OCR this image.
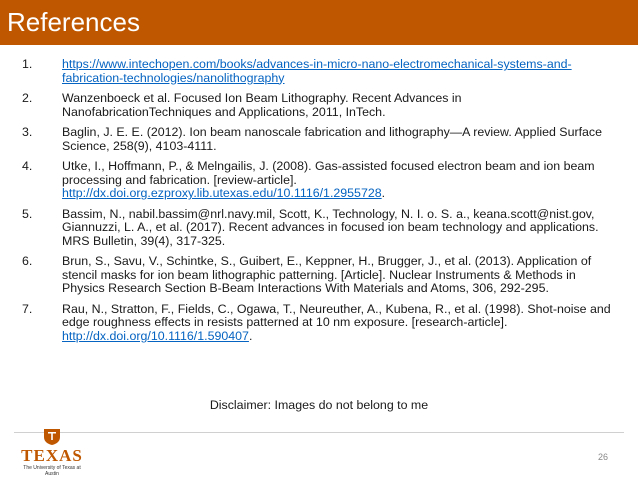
References
1.	https://www.intechopen.com/books/advances-in-micro-nano-electromechanical-systems-and-fabrication-technologies/nanolithography
2.	Wanzenboeck et al. Focused Ion Beam Lithography. Recent Advances in NanofabricationTechniques and Applications, 2011, InTech.
3.	Baglin, J. E. E. (2012). Ion beam nanoscale fabrication and lithography—A review. Applied Surface Science, 258(9), 4103-4111.
4.	Utke, I., Hoffmann, P., & Melngailis, J. (2008). Gas-assisted focused electron beam and ion beam processing and fabrication. [review-article]. http://dx.doi.org.ezproxy.lib.utexas.edu/10.1116/1.2955728.
5.	Bassim, N., nabil.bassim@nrl.navy.mil, Scott, K., Technology, N. I. o. S. a., keana.scott@nist.gov, Giannuzzi, L. A., et al. (2017). Recent advances in focused ion beam technology and applications. MRS Bulletin, 39(4), 317-325.
6.	Brun, S., Savu, V., Schintke, S., Guibert, E., Keppner, H., Brugger, J., et al. (2013). Application of stencil masks for ion beam lithographic patterning. [Article]. Nuclear Instruments & Methods in Physics Research Section B-Beam Interactions With Materials and Atoms, 306, 292-295.
7.	Rau, N., Stratton, F., Fields, C., Ogawa, T., Neureuther, A., Kubena, R., et al. (1998). Shot-noise and edge roughness effects in resists patterned at 10 nm exposure. [research-article]. http://dx.doi.org/10.1116/1.590407.
Disclaimer: Images do not belong to me
TEXAS
The University of Texas at Austin
26
